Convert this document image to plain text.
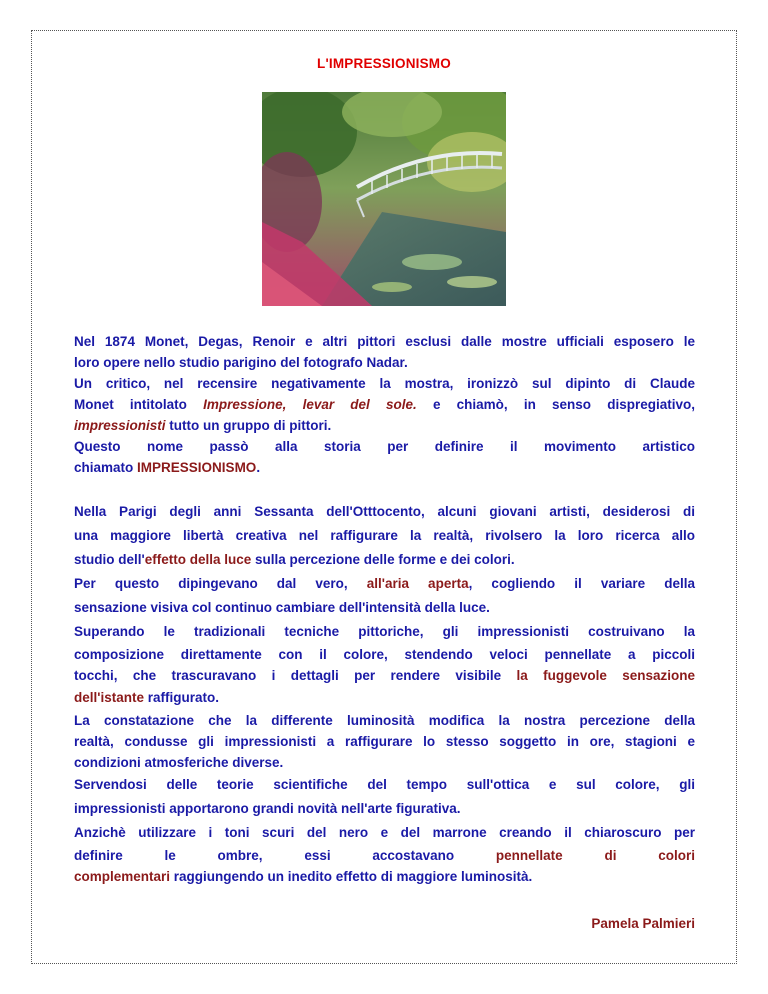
L'IMPRESSIONISMO
Nel 1874 Monet, Degas, Renoir e altri pittori esclusi dalle mostre ufficiali esposero le
loro opere nello studio parigino del fotografo Nadar.
Un critico, nel recensire negativamente la mostra, ironizzò sul dipinto di Claude
Monet intitolato Impressione, levar del sole. e chiamò, in senso dispregiativo,
impressionisti tutto un gruppo di pittori.
Questo nome passò alla storia per definire il movimento artistico
chiamato IMPRESSIONISMO.
Nella Parigi degli anni Sessanta dell'Otttocento, alcuni giovani artisti, desiderosi di
una maggiore libertà creativa nel raffigurare la realtà, rivolsero la loro ricerca allo
studio dell'effetto della luce sulla percezione delle forme e dei colori.
Per questo dipingevano dal vero, all'aria aperta, cogliendo il variare della
sensazione visiva col continuo cambiare dell'intensità della luce.
Superando le tradizionali tecniche pittoriche, gli impressionisti costruivano la
composizione direttamente con il colore, stendendo veloci pennellate a piccoli
tocchi, che trascuravano i dettagli per rendere visibile la fuggevole sensazione
dell'istante raffigurato.
La constatazione che la differente luminosità modifica la nostra percezione della
realtà, condusse gli impressionisti a raffigurare lo stesso soggetto in ore, stagioni e
condizioni atmosferiche diverse.
Servendosi delle teorie scientifiche del tempo sull'ottica e sul colore, gli
impressionisti apportarono grandi novità nell'arte figurativa.
Anzichè utilizzare i toni scuri del nero e del marrone creando il chiaroscuro per
definire le ombre, essi accostavano	pennellate di colori
complementari raggiungendo un inedito effetto di maggiore luminosità.
Pamela Palmieri
